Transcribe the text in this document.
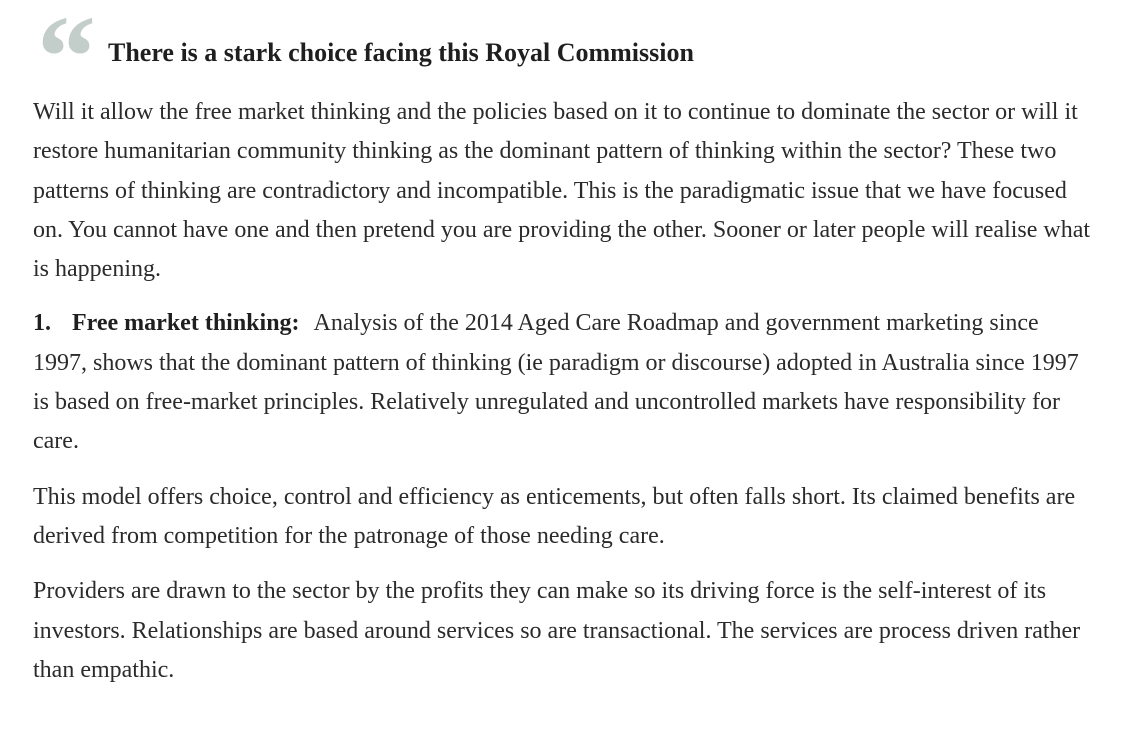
“ There is a stark choice facing this Royal Commission

Will it allow the free market thinking and the policies based on it to continue to dominate the sector or will it restore humanitarian community thinking as the dominant pattern of thinking within the sector? These two patterns of thinking are contradictory and incompatible. This is the paradigmatic issue that we have focused on. You cannot have one and then pretend you are providing the other. Sooner or later people will realise what is happening.

1. Free market thinking: Analysis of the 2014 Aged Care Roadmap and government marketing since 1997, shows that the dominant pattern of thinking (ie paradigm or discourse) adopted in Australia since 1997 is based on free-market principles. Relatively unregulated and uncontrolled markets have responsibility for care.

This model offers choice, control and efficiency as enticements, but often falls short. Its claimed benefits are derived from competition for the patronage of those needing care.

Providers are drawn to the sector by the profits they can make so its driving force is the self-interest of its investors. Relationships are based around services so are transactional. The services are process driven rather than empathic.
